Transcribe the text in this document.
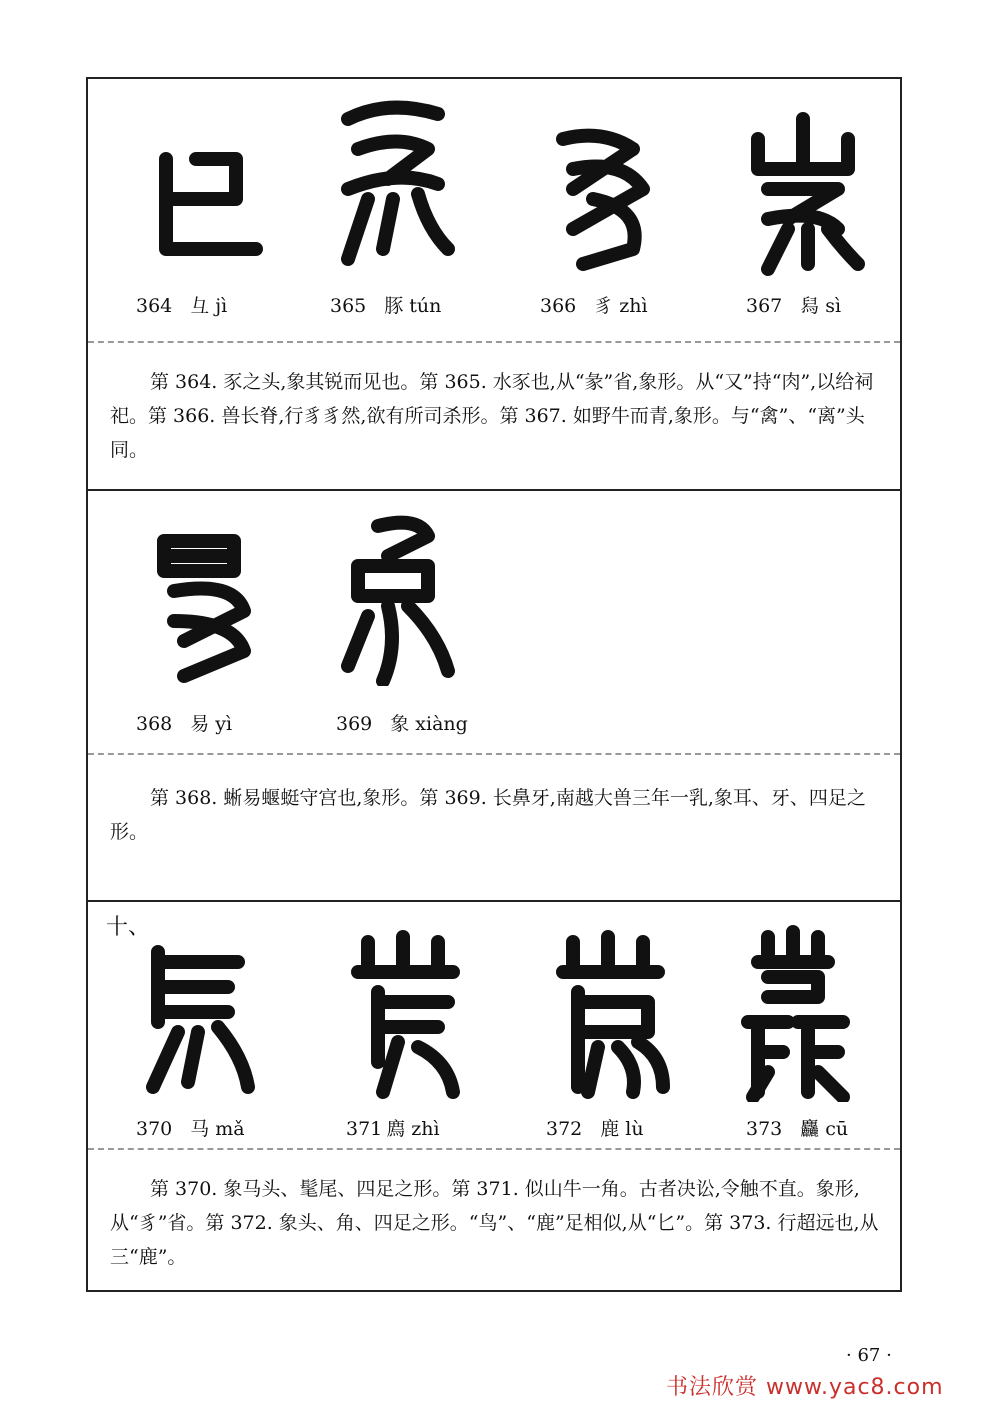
364 彑 jì	365 豚 tún	366 豸 zhì	367 舄 sì
第 364. 豕之头,象其锐而见也。第 365. 水豕也,从“彖”省,象形。从“又”持“肉”,以给祠祀。第 366. 兽长脊,行豸豸然,欲有所司杀形。第 367. 如野牛而青,象形。与“禽”、“离”头同。
368 易 yì	369 象 xiàng
第 368. 蜥易蝘蜓守宫也,象形。第 369. 长鼻牙,南越大兽三年一乳,象耳、牙、四足之形。
十、
370 马 mǎ	371 廌 zhì	372 鹿 lù	373 麤 cū
第 370. 象马头、髦尾、四足之形。第 371. 似山牛一角。古者决讼,令触不直。象形,从“豸”省。第 372. 象头、角、四足之形。“鸟”、“鹿”足相似,从“匕”。第 373. 行超远也,从三“鹿”。
· 67 ·
书法欣赏 www.yac8.com
